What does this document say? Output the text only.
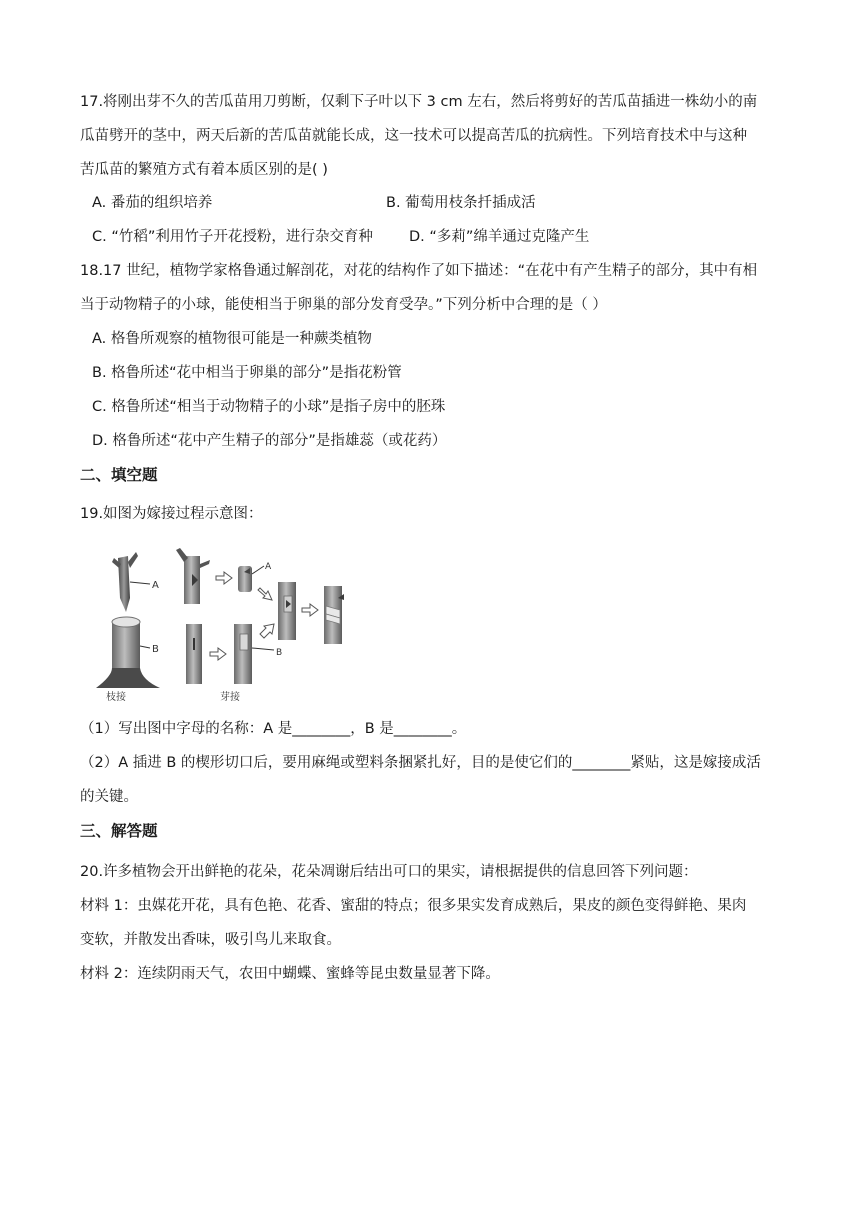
17.将刚出芽不久的苦瓜苗用刀剪断，仅剩下子叶以下 3 cm 左右，然后将剪好的苦瓜苗插进一株幼小的南
瓜苗劈开的茎中，两天后新的苦瓜苗就能长成，这一技术可以提高苦瓜的抗病性。下列培育技术中与这种
苦瓜苗的繁殖方式有着本质区别的是( )
A. 番茄的组织培养	B. 葡萄用枝条扦插成活
C. “竹稻”利用竹子开花授粉，进行杂交育种 D. “多莉”绵羊通过克隆产生
18.17 世纪，植物学家格鲁通过解剖花，对花的结构作了如下描述：“在花中有产生精子的部分，其中有相
当于动物精子的小球，能使相当于卵巢的部分发育受孕。”下列分析中合理的是（ ）
A. 格鲁所观察的植物很可能是一种蕨类植物
B. 格鲁所述“花中相当于卵巢的部分”是指花粉管
C. 格鲁所述“相当于动物精子的小球”是指子房中的胚珠
D. 格鲁所述“花中产生精子的部分”是指雄蕊（或花药）
二、填空题
19.如图为嫁接过程示意图：
A
B
枝接
A
B
芽接
（1）写出图中字母的名称：A 是________，B 是________。
（2）A 插进 B 的楔形切口后，要用麻绳或塑料条捆紧扎好，目的是使它们的________紧贴，这是嫁接成活
的关键。
三、解答题
20.许多植物会开出鲜艳的花朵，花朵凋谢后结出可口的果实，请根据提供的信息回答下列问题：
材料 1：虫媒花开花，具有色艳、花香、蜜甜的特点；很多果实发育成熟后，果皮的颜色变得鲜艳、果肉
变软，并散发出香味，吸引鸟儿来取食。
材料 2：连续阴雨天气，农田中蝴蝶、蜜蜂等昆虫数量显著下降。
